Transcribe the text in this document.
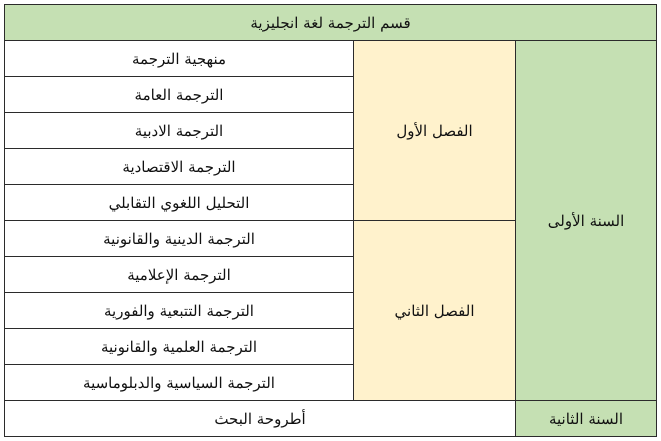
قسم الترجمة لغة انجليزية		
السنة الأولى	الفصل الأول	منهجية الترجمة
		الترجمة العامة
		الترجمة الادبية
		الترجمة الاقتصادية
		التحليل اللغوي التقابلي
	الفصل الثاني	الترجمة الدينية والقانونية
		الترجمة الإعلامية
		الترجمة التتبعية والفورية
		الترجمة العلمية والقانونية
		الترجمة السياسية والدبلوماسية
السنة الثانية	أطروحة البحث	
